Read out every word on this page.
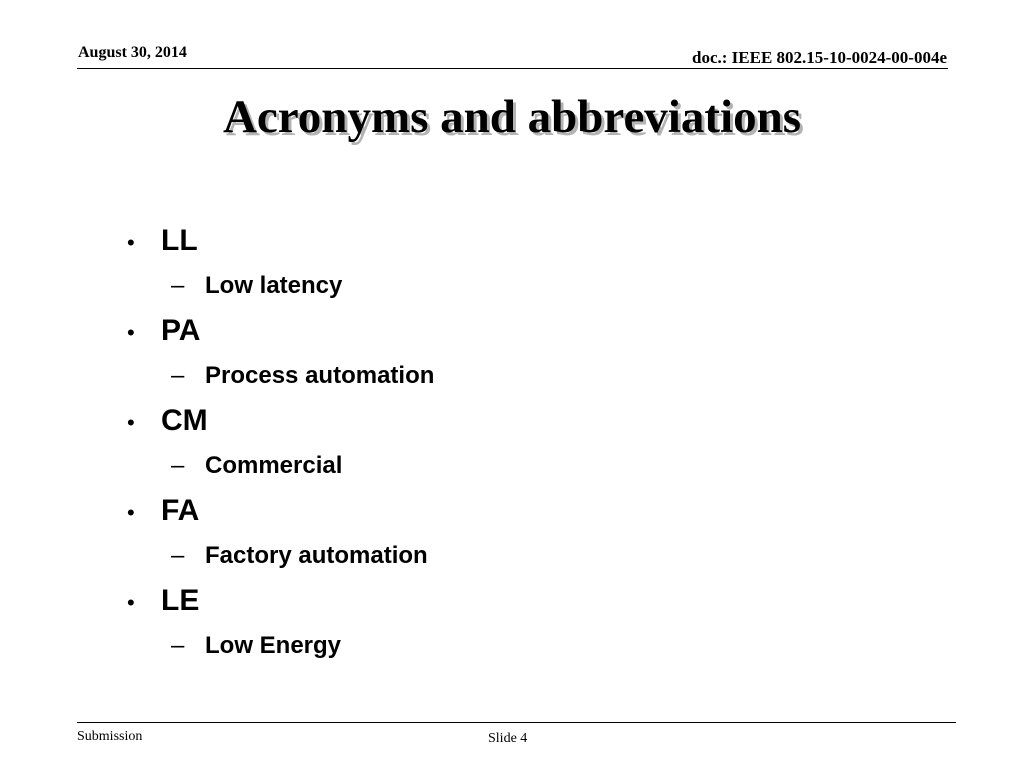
August 30, 2014	doc.: IEEE 802.15-10-0024-00-004e
Acronyms and abbreviations
• LL
– Low latency
• PA
– Process automation
• CM
– Commercial
• FA
– Factory automation
• LE
– Low Energy
Submission	Slide 4
